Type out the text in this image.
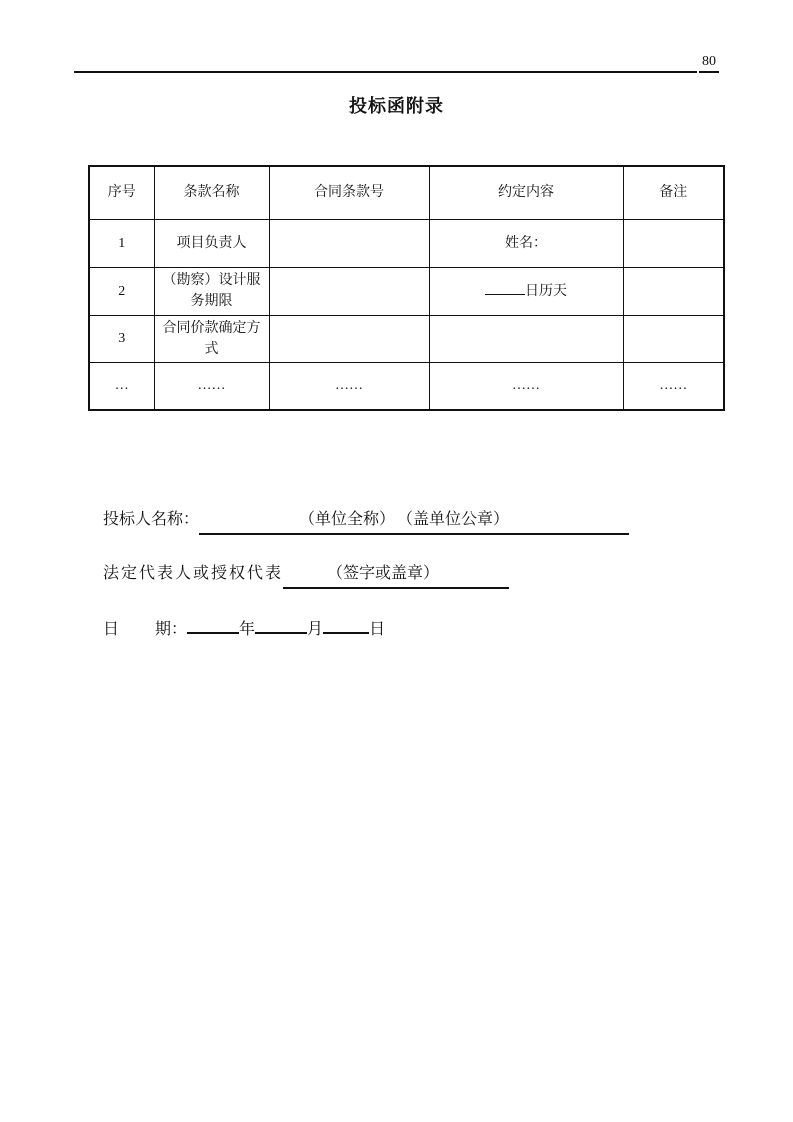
80
投标函附录
序号	条款名称	合同条款号	约定内容	备注
1	项目负责人		姓名：	
2	（勘察）设计服务期限		日历天	
3	合同价款确定方式			
…	……	……	……	……
投标人名称：	（单位全称） （盖单位公章）
法定代表人或授权代表	（签字或盖章）
日 期：	年	月	日
